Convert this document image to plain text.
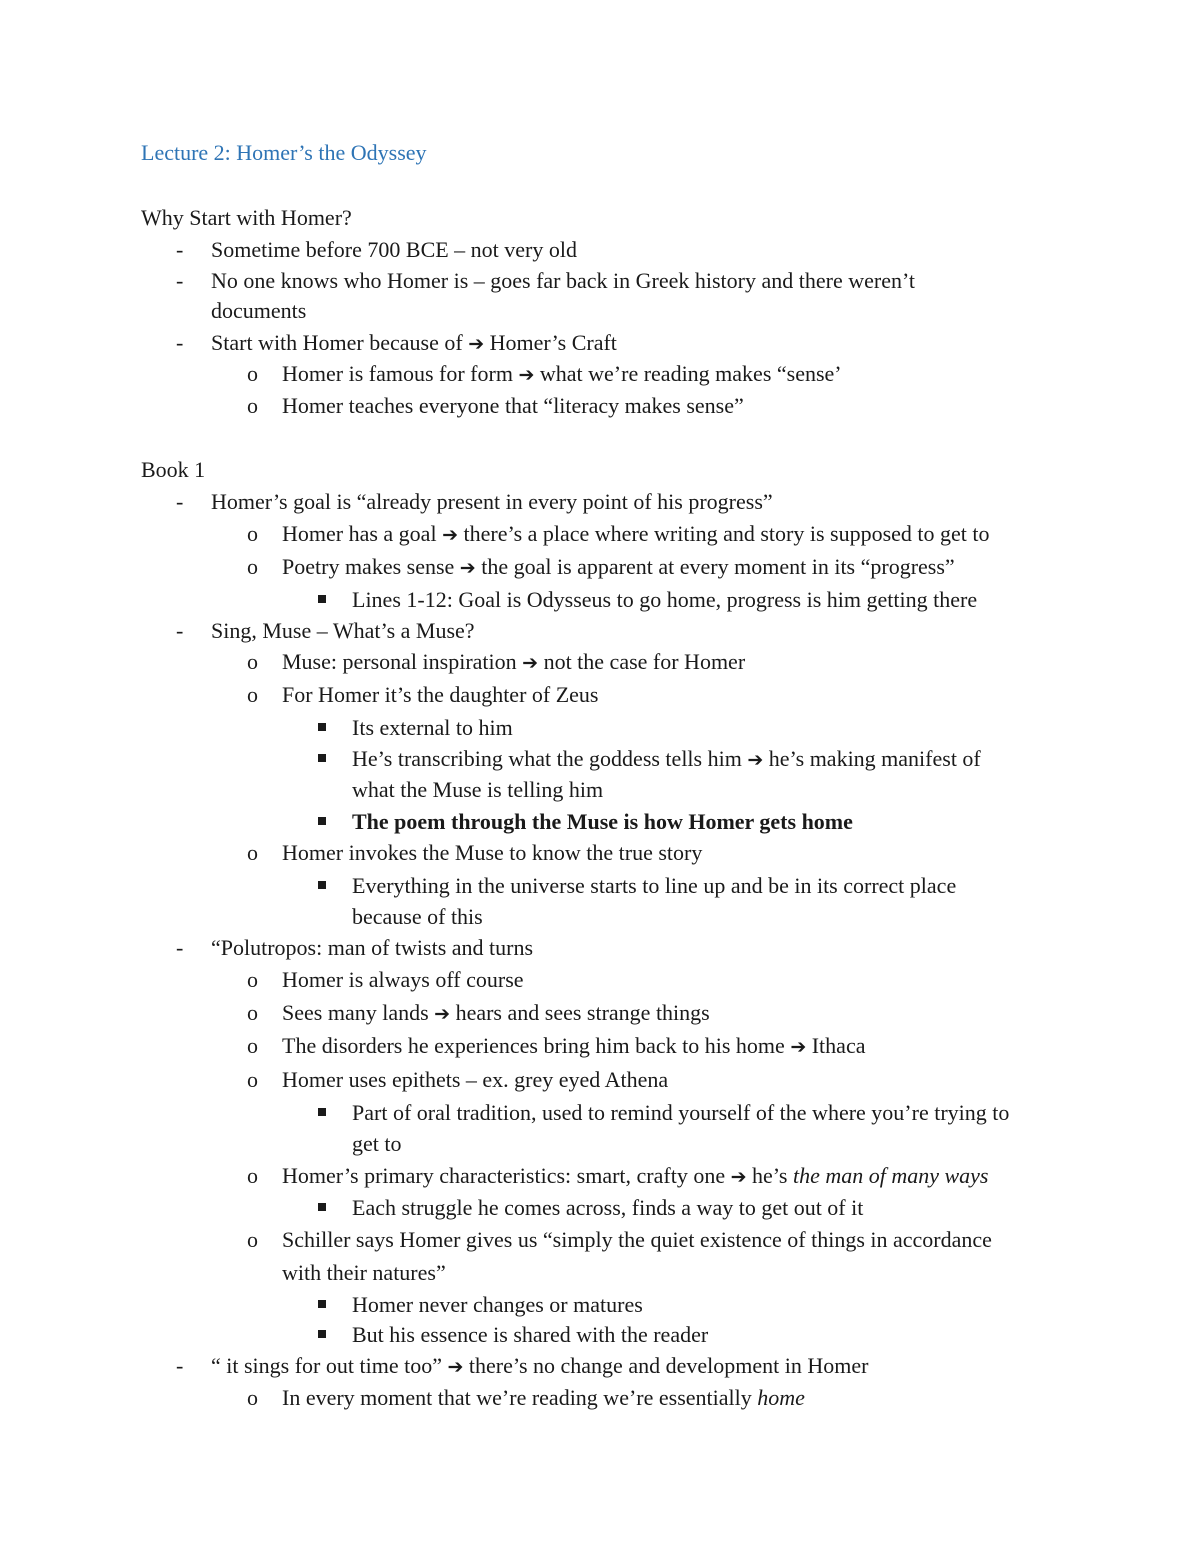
Lecture 2: Homer’s the Odyssey
Why Start with Homer?
- Sometime before 700 BCE – not very old
- No one knows who Homer is – goes far back in Greek history and there weren’t
documents
- Start with Homer because of ➔ Homer’s Craft
o Homer is famous for form ➔ what we’re reading makes “sense’
o Homer teaches everyone that “literacy makes sense”
Book 1
- Homer’s goal is “already present in every point of his progress”
o Homer has a goal ➔ there’s a place where writing and story is supposed to get to
o Poetry makes sense ➔ the goal is apparent at every moment in its “progress”
Lines 1-12: Goal is Odysseus to go home, progress is him getting there
- Sing, Muse – What’s a Muse?
o Muse: personal inspiration ➔ not the case for Homer
o For Homer it’s the daughter of Zeus
Its external to him
He’s transcribing what the goddess tells him ➔ he’s making manifest of
what the Muse is telling him
The poem through the Muse is how Homer gets home
o Homer invokes the Muse to know the true story
Everything in the universe starts to line up and be in its correct place
because of this
- “Polutropos: man of twists and turns
o Homer is always off course
o Sees many lands ➔ hears and sees strange things
o The disorders he experiences bring him back to his home ➔ Ithaca
o Homer uses epithets – ex. grey eyed Athena
Part of oral tradition, used to remind yourself of the where you’re trying to
get to
o Homer’s primary characteristics: smart, crafty one ➔ he’s the man of many ways
Each struggle he comes across, finds a way to get out of it
o Schiller says Homer gives us “simply the quiet existence of things in accordance
with their natures”
Homer never changes or matures
But his essence is shared with the reader
- “ it sings for out time too” ➔ there’s no change and development in Homer
o In every moment that we’re reading we’re essentially home
